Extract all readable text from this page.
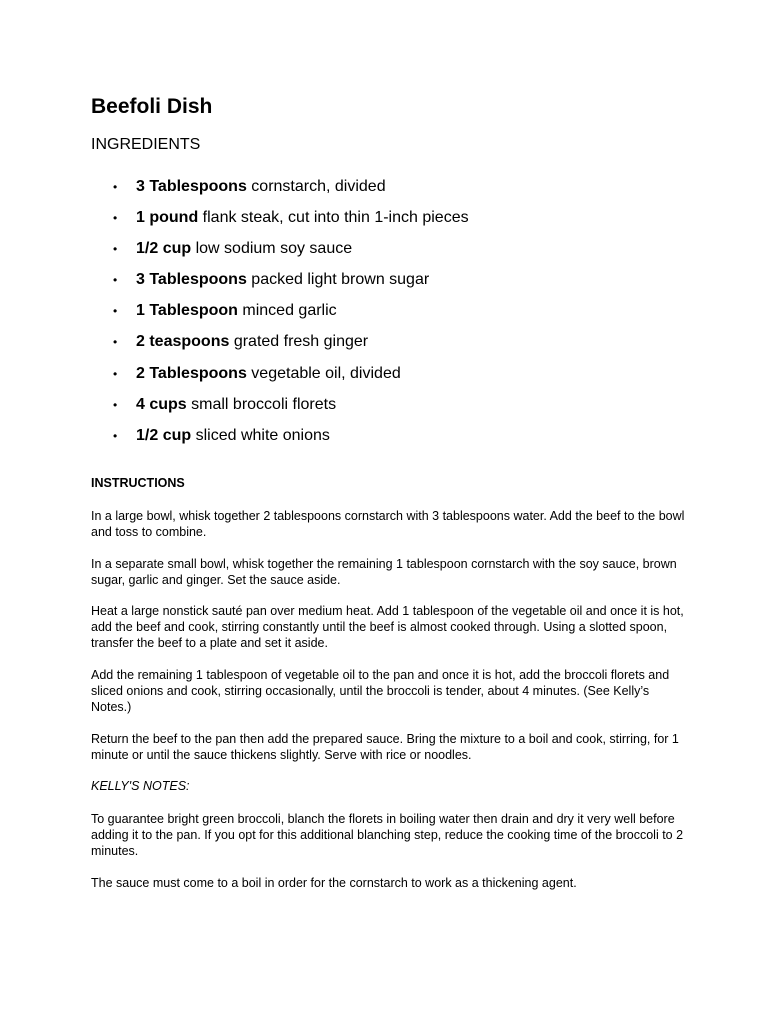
Beefoli Dish
INGREDIENTS
• 3 Tablespoons cornstarch, divided
• 1 pound flank steak, cut into thin 1-inch pieces
• 1/2 cup low sodium soy sauce
• 3 Tablespoons packed light brown sugar
• 1 Tablespoon minced garlic
• 2 teaspoons grated fresh ginger
• 2 Tablespoons vegetable oil, divided
• 4 cups small broccoli florets
• 1/2 cup sliced white onions
INSTRUCTIONS

In a large bowl, whisk together 2 tablespoons cornstarch with 3 tablespoons water. Add the beef to the bowl and toss to combine.

In a separate small bowl, whisk together the remaining 1 tablespoon cornstarch with the soy sauce, brown sugar, garlic and ginger. Set the sauce aside.

Heat a large nonstick sauté pan over medium heat. Add 1 tablespoon of the vegetable oil and once it is hot, add the beef and cook, stirring constantly until the beef is almost cooked through. Using a slotted spoon, transfer the beef to a plate and set it aside.

Add the remaining 1 tablespoon of vegetable oil to the pan and once it is hot, add the broccoli florets and sliced onions and cook, stirring occasionally, until the broccoli is tender, about 4 minutes. (See Kelly’s Notes.)

Return the beef to the pan then add the prepared sauce. Bring the mixture to a boil and cook, stirring, for 1 minute or until the sauce thickens slightly. Serve with rice or noodles.

KELLY'S NOTES:

To guarantee bright green broccoli, blanch the florets in boiling water then drain and dry it very well before adding it to the pan. If you opt for this additional blanching step, reduce the cooking time of the broccoli to 2 minutes.

The sauce must come to a boil in order for the cornstarch to work as a thickening agent.
